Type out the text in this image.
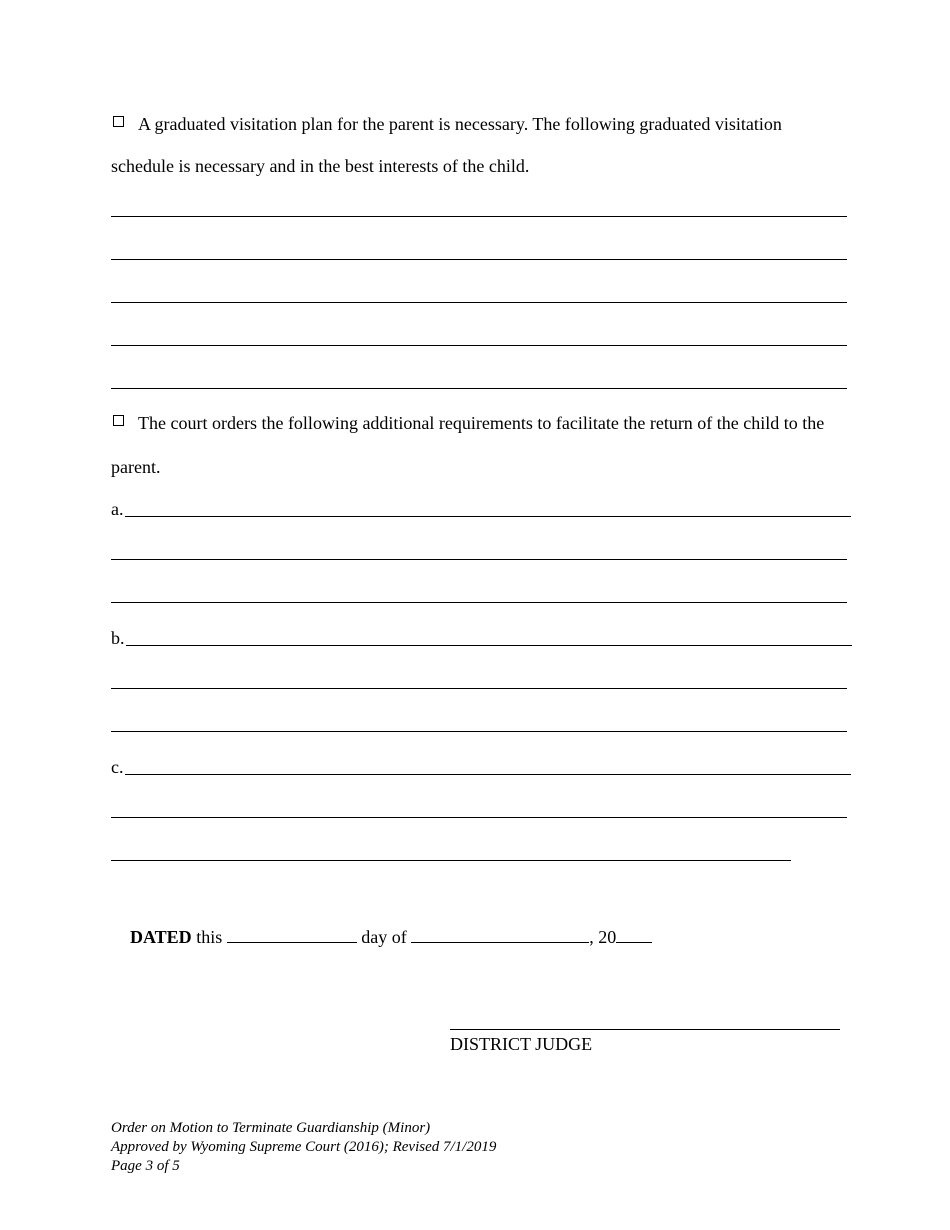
A graduated visitation plan for the parent is necessary. The following graduated visitation
schedule is necessary and in the best interests of the child.
The court orders the following additional requirements to facilitate the return of the child to the
parent.
a.
b.
c.
DATED this	day of	, 20
DISTRICT JUDGE
Order on Motion to Terminate Guardianship (Minor)
Approved by Wyoming Supreme Court (2016); Revised 7/1/2019
Page 3 of 5
